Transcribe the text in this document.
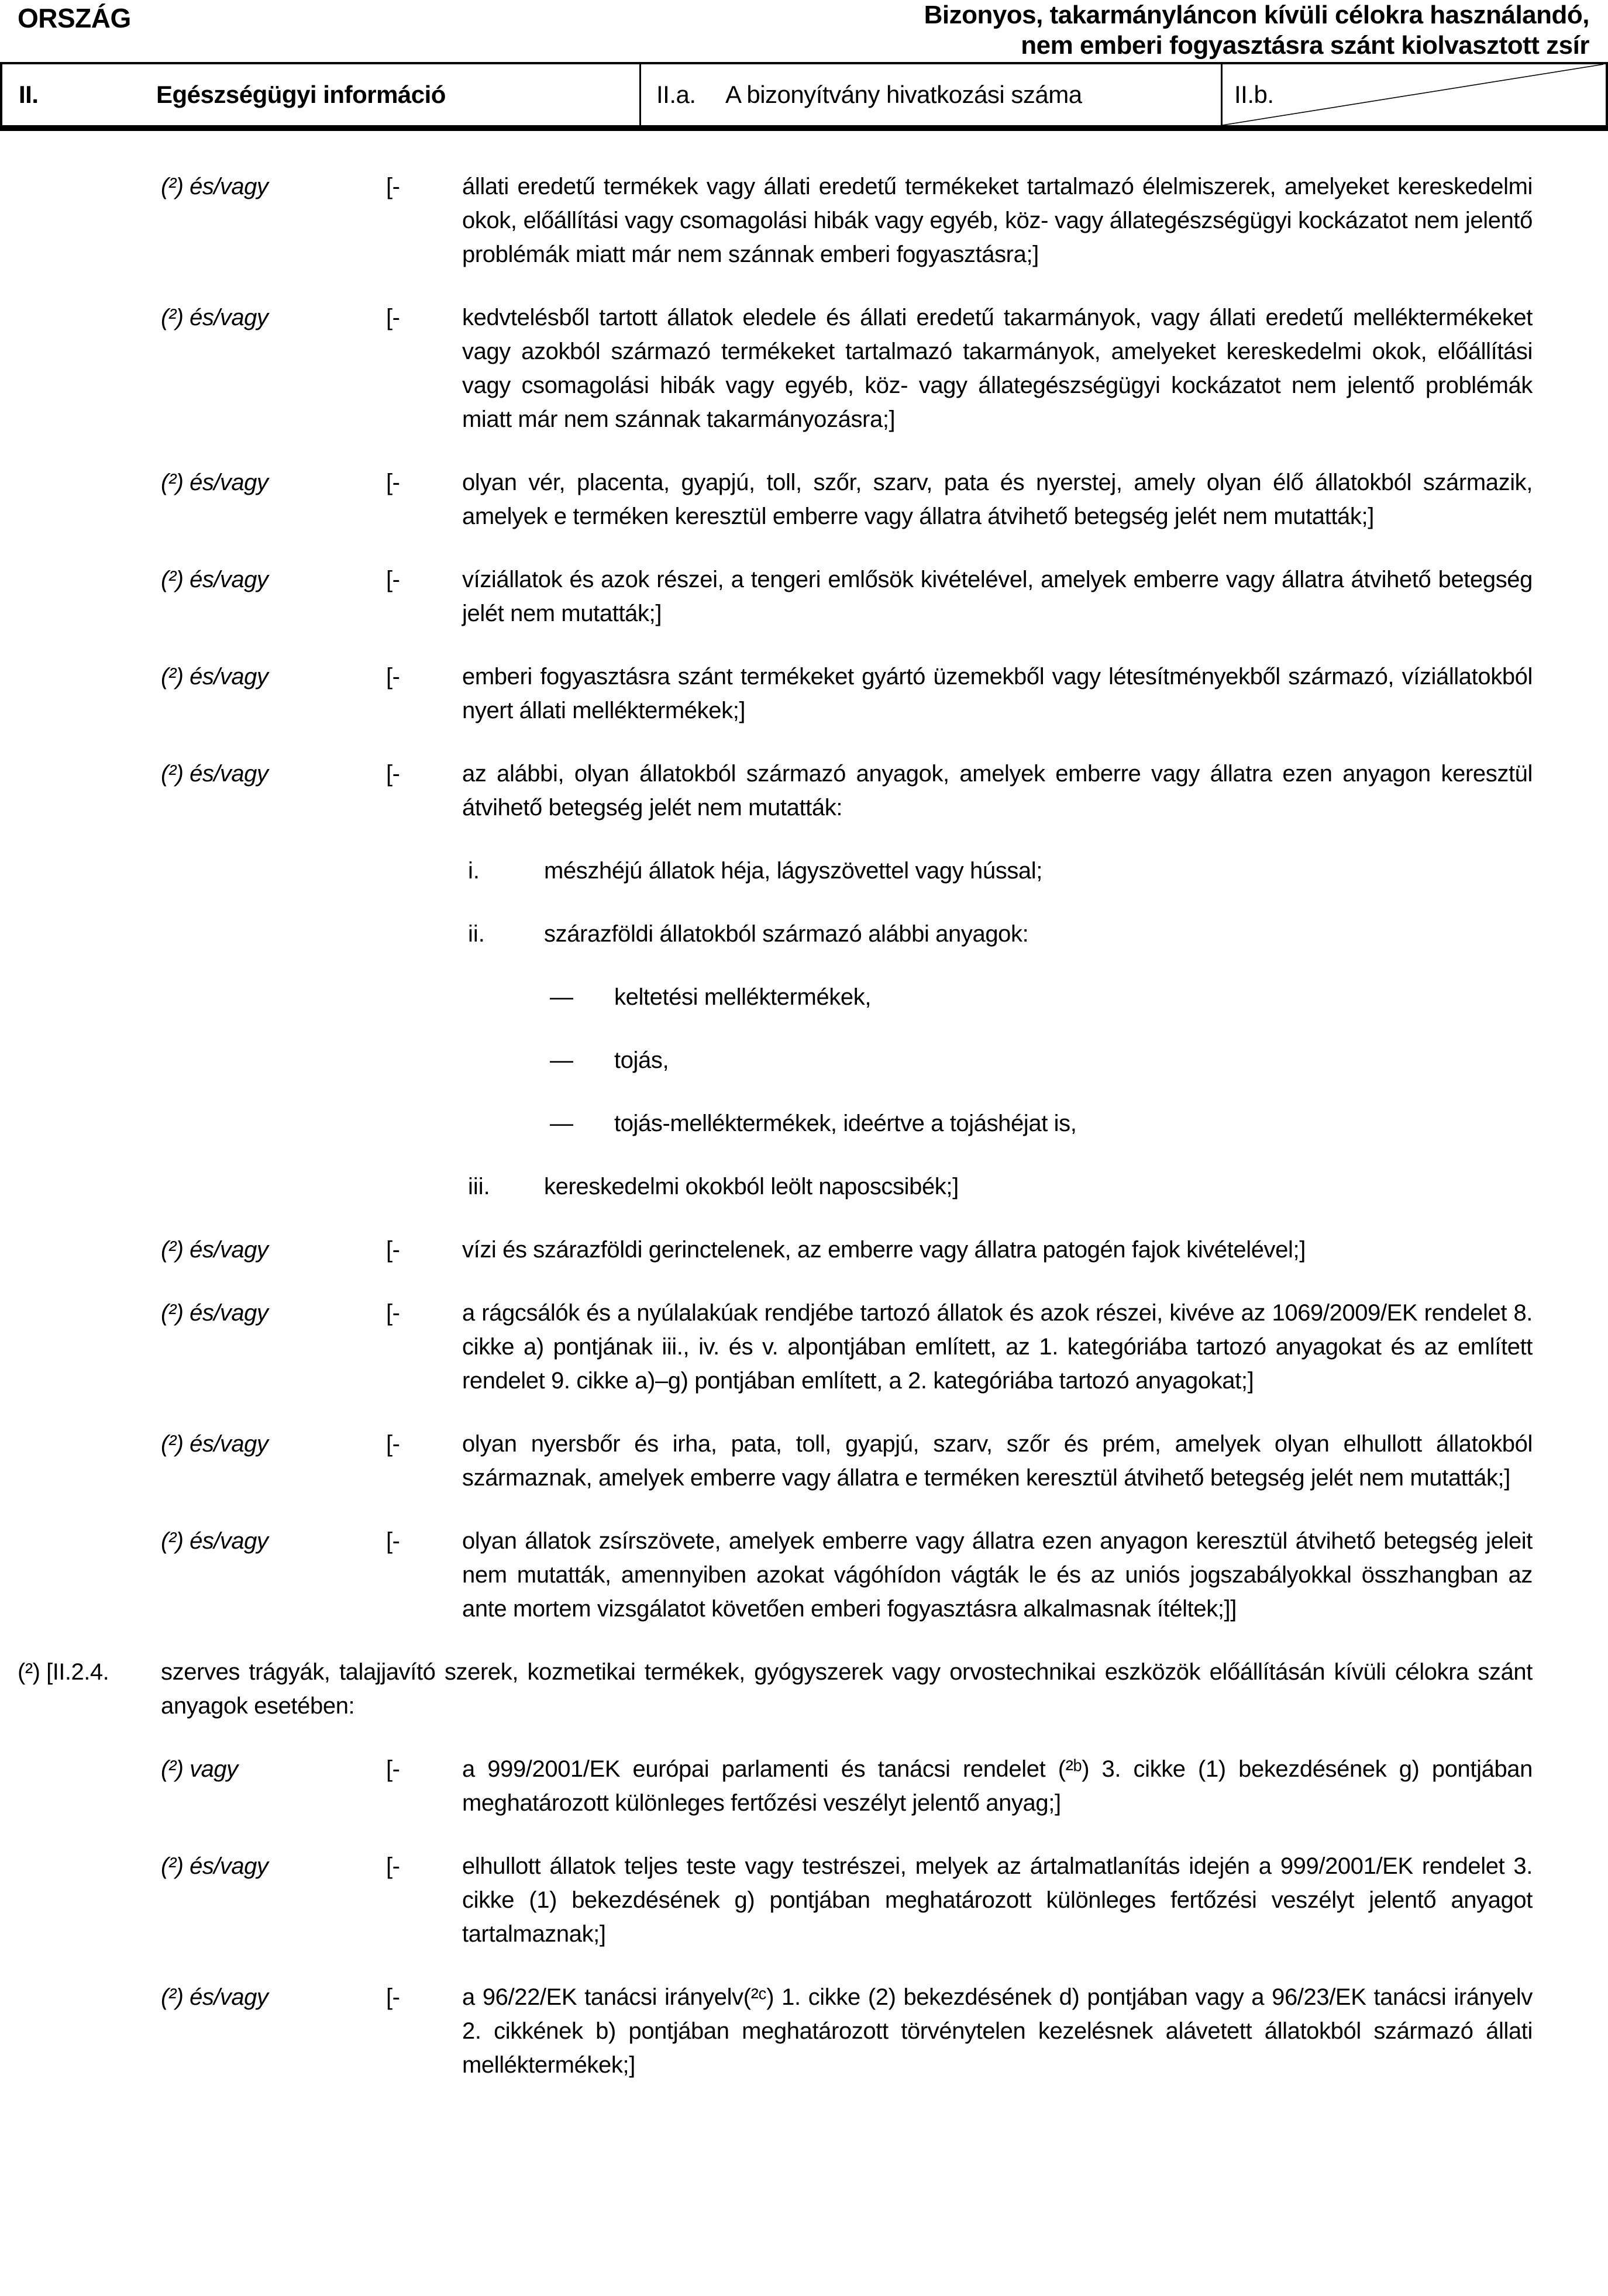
ORSZÁG	Bizonyos, takarmányláncon kívüli célokra használandó,
nem emberi fogyasztásra szánt kiolvasztott zsír
II.	Egészségügyi információ	II.a.	A bizonyítvány hivatkozási száma	II.b.
(²) és/vagy	[-	állati eredetű termékek vagy állati eredetű termékeket tartalmazó élelmiszerek, amelyeket kereskedelmi okok, előállítási vagy csomagolási hibák vagy egyéb, köz- vagy állategészségügyi kockázatot nem jelentő problémák miatt már nem szánnak emberi fogyasztásra;]
(²) és/vagy	[-	kedvtelésből tartott állatok eledele és állati eredetű takarmányok, vagy állati eredetű melléktermékeket vagy azokból származó termékeket tartalmazó takarmányok, amelyeket kereskedelmi okok, előállítási vagy csomagolási hibák vagy egyéb, köz- vagy állategészségügyi kockázatot nem jelentő problémák miatt már nem szánnak takarmányozásra;]
(²) és/vagy	[-	olyan vér, placenta, gyapjú, toll, szőr, szarv, pata és nyerstej, amely olyan élő állatokból származik, amelyek e terméken keresztül emberre vagy állatra átvihető betegség jelét nem mutatták;]
(²) és/vagy	[-	víziállatok és azok részei, a tengeri emlősök kivételével, amelyek emberre vagy állatra átvihető betegség jelét nem mutatták;]
(²) és/vagy	[-	emberi fogyasztásra szánt termékeket gyártó üzemekből vagy létesítményekből származó, víziállatokból nyert állati melléktermékek;]
(²) és/vagy	[-	az alábbi, olyan állatokból származó anyagok, amelyek emberre vagy állatra ezen anyagon keresztül átvihető betegség jelét nem mutatták:
i.	mészhéjú állatok héja, lágyszövettel vagy hússal;
ii.	szárazföldi állatokból származó alábbi anyagok:
—	keltetési melléktermékek,
—	tojás,
—	tojás-melléktermékek, ideértve a tojáshéjat is,
iii.	kereskedelmi okokból leölt naposcsibék;]
(²) és/vagy	[-	vízi és szárazföldi gerinctelenek, az emberre vagy állatra patogén fajok kivételével;]
(²) és/vagy	[-	a rágcsálók és a nyúlalakúak rendjébe tartozó állatok és azok részei, kivéve az 1069/2009/EK rendelet 8. cikke a) pontjának iii., iv. és v. alpontjában említett, az 1. kategóriába tartozó anyagokat és az említett rendelet 9. cikke a)–g) pontjában említett, a 2. kategóriába tartozó anyagokat;]
(²) és/vagy	[-	olyan nyersbőr és irha, pata, toll, gyapjú, szarv, szőr és prém, amelyek olyan elhullott állatokból származnak, amelyek emberre vagy állatra e terméken keresztül átvihető betegség jelét nem mutatták;]
(²) és/vagy	[-	olyan állatok zsírszövete, amelyek emberre vagy állatra ezen anyagon keresztül átvihető betegség jeleit nem mutatták, amennyiben azokat vágóhídon vágták le és az uniós jogszabályokkal összhangban az ante mortem vizsgálatot követően emberi fogyasztásra alkalmasnak ítéltek;]]
(²) [II.2.4.	szerves trágyák, talajjavító szerek, kozmetikai termékek, gyógyszerek vagy orvostechnikai eszközök előállításán kívüli célokra szánt anyagok esetében:
(²) vagy	[-	a 999/2001/EK európai parlamenti és tanácsi rendelet (²ᵇ) 3. cikke (1) bekezdésének g) pontjában meghatározott különleges fertőzési veszélyt jelentő anyag;]
(²) és/vagy	[-	elhullott állatok teljes teste vagy testrészei, melyek az ártalmatlanítás idején a 999/2001/EK rendelet 3. cikke (1) bekezdésének g) pontjában meghatározott különleges fertőzési veszélyt jelentő anyagot tartalmaznak;]
(²) és/vagy	[-	a 96/22/EK tanácsi irányelv(²ᶜ) 1. cikke (2) bekezdésének d) pontjában vagy a 96/23/EK tanácsi irányelv 2. cikkének b) pontjában meghatározott törvénytelen kezelésnek alávetett állatokból származó állati melléktermékek;]
